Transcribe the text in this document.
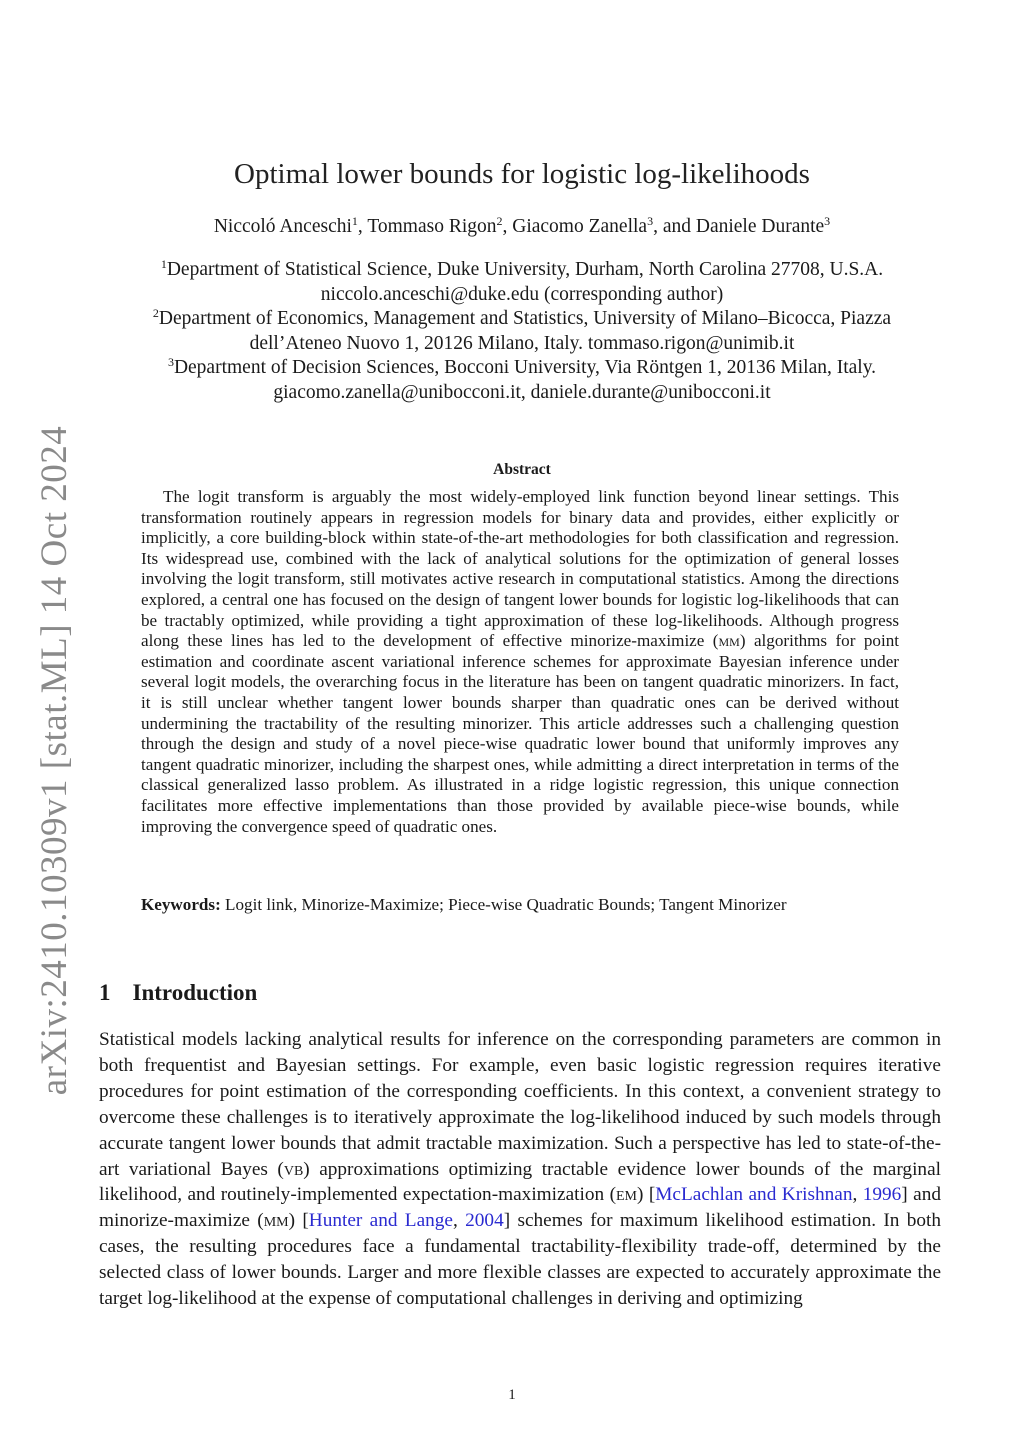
arXiv:2410.10309v1 [stat.ML] 14 Oct 2024
Optimal lower bounds for logistic log-likelihoods
Niccoló Anceschi$^1$, Tommaso Rigon$^2$, Giacomo Zanella$^3$, and Daniele Durante$^3$
$^1$Department of Statistical Science, Duke University, Durham, North Carolina 27708, U.S.A.
niccolo.anceschi@duke.edu (corresponding author)
$^2$Department of Economics, Management and Statistics, University of Milano–Bicocca, Piazza
dell’Ateneo Nuovo 1, 20126 Milano, Italy. tommaso.rigon@unimib.it
$^3$Department of Decision Sciences, Bocconi University, Via Röntgen 1, 20136 Milan, Italy.
giacomo.zanella@unibocconi.it, daniele.durante@unibocconi.it
Abstract
The logit transform is arguably the most widely-employed link function beyond linear settings. This transformation routinely appears in regression models for binary data and provides, either explicitly or implicitly, a core building-block within state-of-the-art methodologies for both classification and regression. Its widespread use, combined with the lack of analytical solutions for the optimization of general losses involving the logit transform, still motivates active research in computational statistics. Among the directions explored, a central one has focused on the design of tangent lower bounds for logistic log-likelihoods that can be tractably optimized, while providing a tight approximation of these log-likelihoods. Although progress along these lines has led to the development of effective minorize-maximize (mm) algorithms for point estimation and coordinate ascent variational inference schemes for approximate Bayesian inference under several logit models, the overarching focus in the literature has been on tangent quadratic minorizers. In fact, it is still unclear whether tangent lower bounds sharper than quadratic ones can be derived without undermining the tractability of the resulting minorizer. This article addresses such a challenging question through the design and study of a novel piece-wise quadratic lower bound that uniformly improves any tangent quadratic minorizer, including the sharpest ones, while admitting a direct interpretation in terms of the classical generalized lasso problem. As illustrated in a ridge logistic regression, this unique connection facilitates more effective implementations than those provided by available piece-wise bounds, while improving the convergence speed of quadratic ones.
Keywords: Logit link, Minorize-Maximize; Piece-wise Quadratic Bounds; Tangent Minorizer
1 Introduction
Statistical models lacking analytical results for inference on the corresponding parameters are common in both frequentist and Bayesian settings. For example, even basic logistic regression requires iterative procedures for point estimation of the corresponding coefficients. In this context, a convenient strategy to overcome these challenges is to iteratively approximate the log-likelihood induced by such models through accurate tangent lower bounds that admit tractable maximization. Such a perspective has led to state-of-the-art variational Bayes (vb) approximations optimizing tractable evidence lower bounds of the marginal likelihood, and routinely-implemented expectation-maximization (em) [McLachlan and Krishnan, 1996] and minorize-maximize (mm) [Hunter and Lange, 2004] schemes for maximum likelihood estimation. In both cases, the resulting procedures face a fundamental tractability-flexibility trade-off, determined by the selected class of lower bounds. Larger and more flexible classes are expected to accurately approximate the target log-likelihood at the expense of computational challenges in deriving and optimizing
1
